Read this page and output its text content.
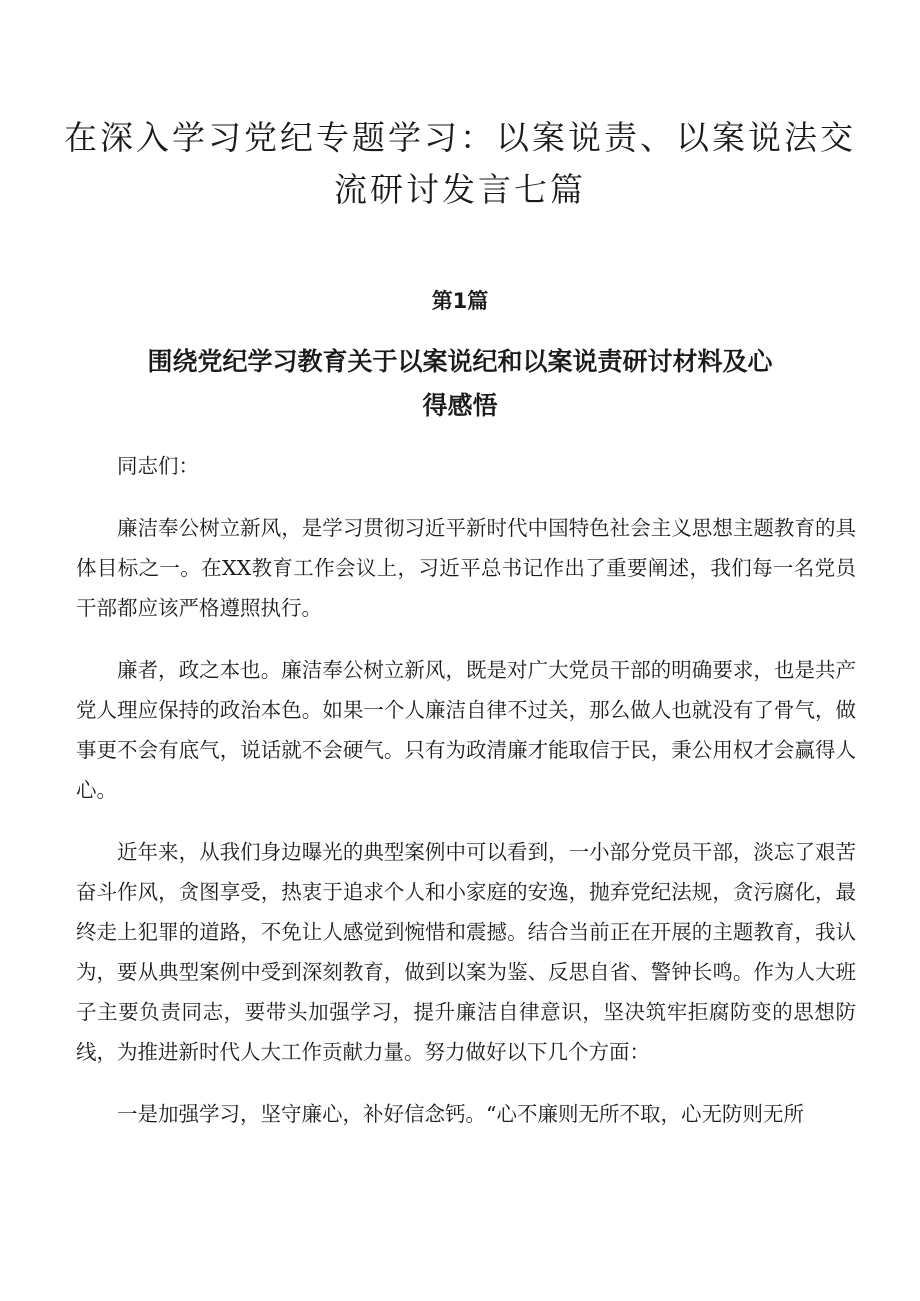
在深入学习党纪专题学习：以案说责、以案说法交
流研讨发言七篇
第1篇
围绕党纪学习教育关于以案说纪和以案说责研讨材料及心
得感悟

同志们：

廉洁奉公树立新风，是学习贯彻习近平新时代中国特色社会主义思想主题教育的具体目标之一。在XX教育工作会议上，习近平总书记作出了重要阐述，我们每一名党员干部都应该严格遵照执行。

廉者，政之本也。廉洁奉公树立新风，既是对广大党员干部的明确要求，也是共产党人理应保持的政治本色。如果一个人廉洁自律不过关，那么做人也就没有了骨气，做事更不会有底气，说话就不会硬气。只有为政清廉才能取信于民，秉公用权才会赢得人心。

近年来，从我们身边曝光的典型案例中可以看到，一小部分党员干部，淡忘了艰苦奋斗作风，贪图享受，热衷于追求个人和小家庭的安逸，抛弃党纪法规，贪污腐化，最终走上犯罪的道路，不免让人感觉到惋惜和震撼。结合当前正在开展的主题教育，我认为，要从典型案例中受到深刻教育，做到以案为鉴、反思自省、警钟长鸣。作为人大班子主要负责同志，要带头加强学习，提升廉洁自律意识，坚决筑牢拒腐防变的思想防线，为推进新时代人大工作贡献力量。努力做好以下几个方面：

一是加强学习，坚守廉心，补好信念钙。“心不廉则无所不取，心无防则无所
